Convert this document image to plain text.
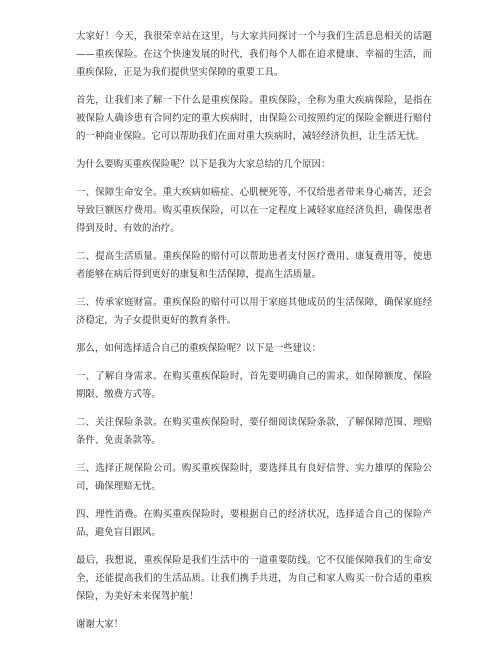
大家好！今天，我很荣幸站在这里，与大家共同探讨一个与我们生活息息相关的话题——重疾保险。在这个快速发展的时代，我们每个人都在追求健康、幸福的生活，而重疾保险，正是为我们提供坚实保障的重要工具。

首先，让我们来了解一下什么是重疾保险。重疾保险，全称为重大疾病保险，是指在被保险人确诊患有合同约定的重大疾病时，由保险公司按照约定的保险金额进行赔付的一种商业保险。它可以帮助我们在面对重大疾病时，减轻经济负担，让生活无忧。

为什么要购买重疾保险呢？以下是我为大家总结的几个原因：

一、保障生命安全。重大疾病如癌症、心肌梗死等，不仅给患者带来身心痛苦，还会导致巨额医疗费用。购买重疾保险，可以在一定程度上减轻家庭经济负担，确保患者得到及时、有效的治疗。

二、提高生活质量。重疾保险的赔付可以帮助患者支付医疗费用、康复费用等，使患者能够在病后得到更好的康复和生活保障，提高生活质量。

三、传承家庭财富。重疾保险的赔付可以用于家庭其他成员的生活保障，确保家庭经济稳定，为子女提供更好的教育条件。

那么，如何选择适合自己的重疾保险呢？以下是一些建议：

一、了解自身需求。在购买重疾保险时，首先要明确自己的需求，如保障额度、保险期限、缴费方式等。

二、关注保险条款。在购买重疾保险时，要仔细阅读保险条款，了解保障范围、理赔条件、免责条款等。

三、选择正规保险公司。购买重疾保险时，要选择具有良好信誉、实力雄厚的保险公司，确保理赔无忧。

四、理性消费。在购买重疾保险时，要根据自己的经济状况，选择适合自己的保险产品，避免盲目跟风。

最后，我想说，重疾保险是我们生活中的一道重要防线。它不仅能保障我们的生命安全，还能提高我们的生活品质。让我们携手共进，为自己和家人购买一份合适的重疾保险，为美好未来保驾护航！

谢谢大家！
